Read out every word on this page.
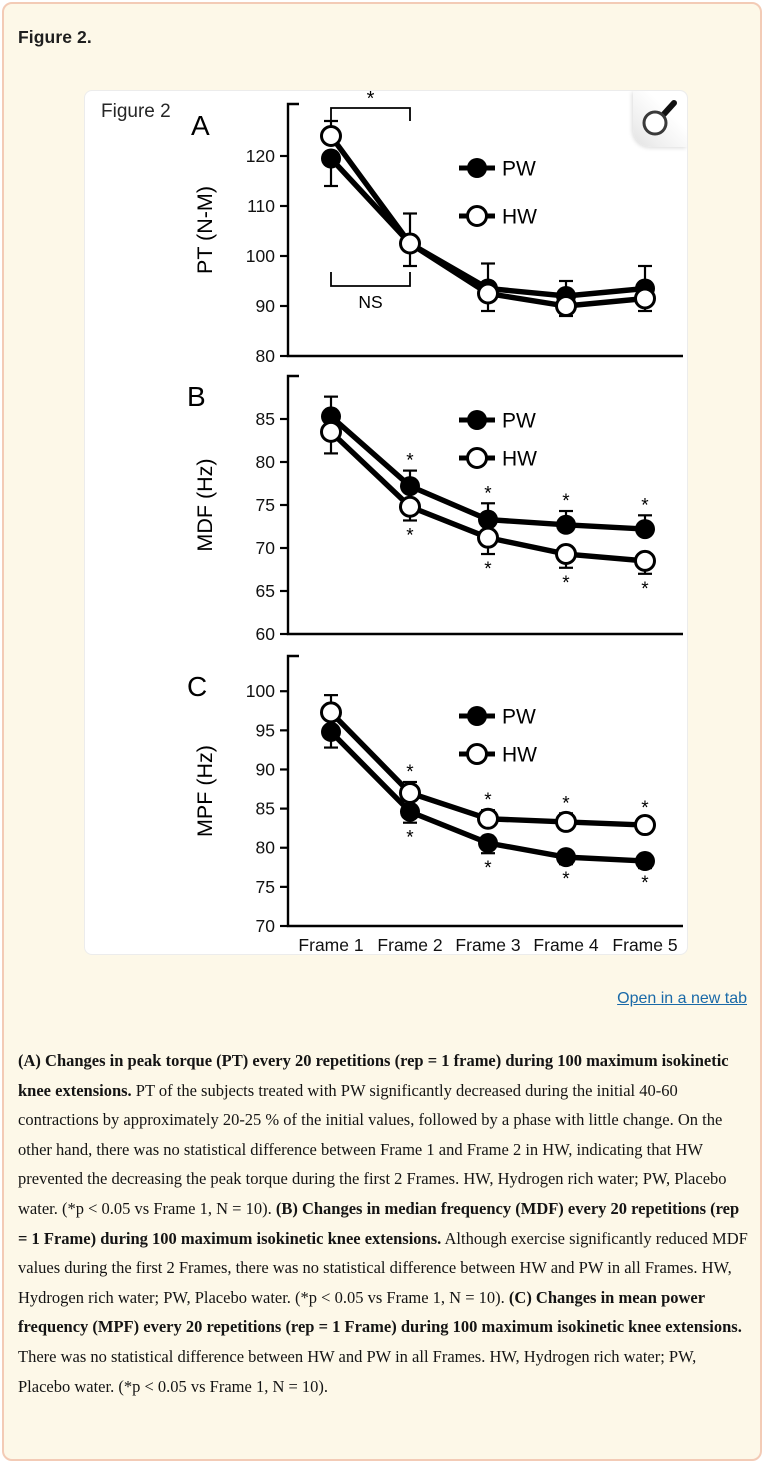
Figure 2.
Figure 2
80
90
100
110
120
PT (N-M)
A
PW
HW
*
NS
60
65
70
75
80
85
MDF (Hz)
B
*
*	*	*
*
*
*	*
PW
HW
70
75
80
85
90
95
100
MPF (Hz)
C
*
*
*	*
*
*	*	*
PW
HW
Frame 1 Frame 2 Frame 3 Frame 4 Frame 5
Open in a new tab

(A) Changes in peak torque (PT) every 20 repetitions (rep = 1 frame) during 100 maximum isokinetic knee extensions. PT of the subjects treated with PW significantly decreased during the initial 40-60 contractions by approximately 20-25 % of the initial values, followed by a phase with little change. On the other hand, there was no statistical difference between Frame 1 and Frame 2 in HW, indicating that HW prevented the decreasing the peak torque during the first 2 Frames. HW, Hydrogen rich water; PW, Placebo water. (*p < 0.05 vs Frame 1, N = 10). (B) Changes in median frequency (MDF) every 20 repetitions (rep = 1 Frame) during 100 maximum isokinetic knee extensions. Although exercise significantly reduced MDF values during the first 2 Frames, there was no statistical difference between HW and PW in all Frames. HW, Hydrogen rich water; PW, Placebo water. (*p < 0.05 vs Frame 1, N = 10). (C) Changes in mean power frequency (MPF) every 20 repetitions (rep = 1 Frame) during 100 maximum isokinetic knee extensions. There was no statistical difference between HW and PW in all Frames. HW, Hydrogen rich water; PW, Placebo water. (*p < 0.05 vs Frame 1, N = 10).
